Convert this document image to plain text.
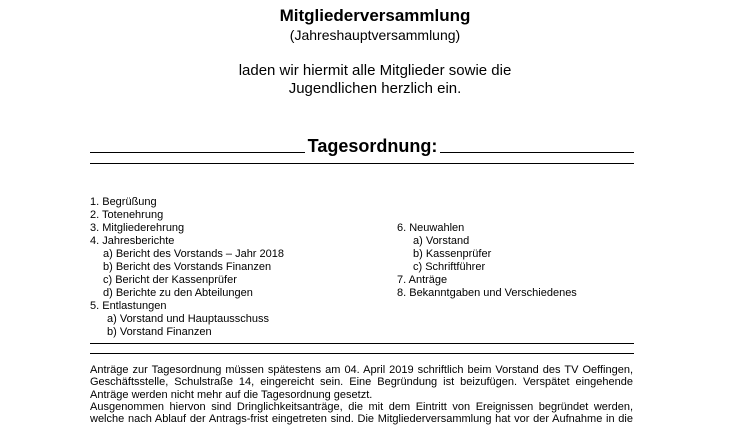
Mitgliederversammlung
(Jahreshauptversammlung)
laden wir hiermit alle Mitglieder sowie die
Jugendlichen herzlich ein.
Tagesordnung:
1. Begrüßung
2. Totenehrung
3. Mitgliederehrung
4. Jahresberichte
a) Bericht des Vorstands – Jahr 2018
b) Bericht des Vorstands Finanzen
c) Bericht der Kassenprüfer
d) Berichte zu den Abteilungen
5. Entlastungen
a) Vorstand und Hauptausschuss
b) Vorstand Finanzen
6. Neuwahlen
a) Vorstand
b) Kassenprüfer
c) Schriftführer
7. Anträge
8. Bekanntgaben und Verschiedenes

Anträge zur Tagesordnung müssen spätestens am 04. April 2019 schriftlich beim Vorstand des TV Oeffingen, Geschäftsstelle, Schulstraße 14, eingereicht sein. Eine Begründung ist beizufügen. Verspätet eingehende Anträge werden nicht mehr auf die Tagesordnung gesetzt.

Ausgenommen hiervon sind Dringlichkeitsanträge, die mit dem Eintritt von Ereignissen begründet werden, welche nach Ablauf der Antrags-frist eingetreten sind. Die Mitgliederversammlung hat vor der Aufnahme in die
